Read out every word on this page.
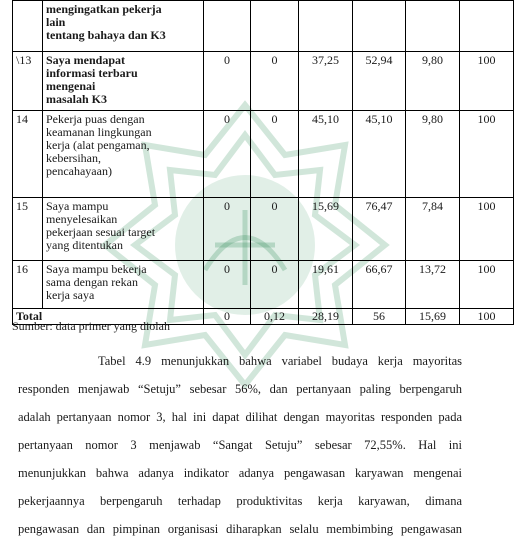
	mengingatkan pekerja
lain
tentang bahaya dan K3						
\13	Saya mendapat
informasi terbaru
mengenai
masalah K3	0	0	37,25	52,94	9,80	100
14	Pekerja puas dengan
keamanan lingkungan
kerja (alat pengaman,
kebersihan,
pencahayaan)	0	0	45,10	45,10	9,80	100
15	Saya mampu
menyelesaikan
pekerjaan sesuai target
yang ditentukan	0	0	15,69	76,47	7,84	100
16	Saya mampu bekerja
sama dengan rekan
kerja saya	0	0	19,61	66,67	13,72	100
Total		0	0,12	28,19	56	15,69	100
Sumber: data primer yang diolah
Tabel 4.9 menunjukkan bahwa variabel budaya kerja mayoritas
responden menjawab “Setuju” sebesar 56%, dan pertanyaan paling berpengaruh
adalah pertanyaan nomor 3, hal ini dapat dilihat dengan mayoritas responden pada
pertanyaan nomor 3 menjawab “Sangat Setuju” sebesar 72,55%. Hal ini
menunjukkan bahwa adanya indikator adanya pengawasan karyawan mengenai
pekerjaannya berpengaruh terhadap produktivitas kerja karyawan, dimana
pengawasan dan pimpinan organisasi diharapkan selalu membimbing pengawasan
